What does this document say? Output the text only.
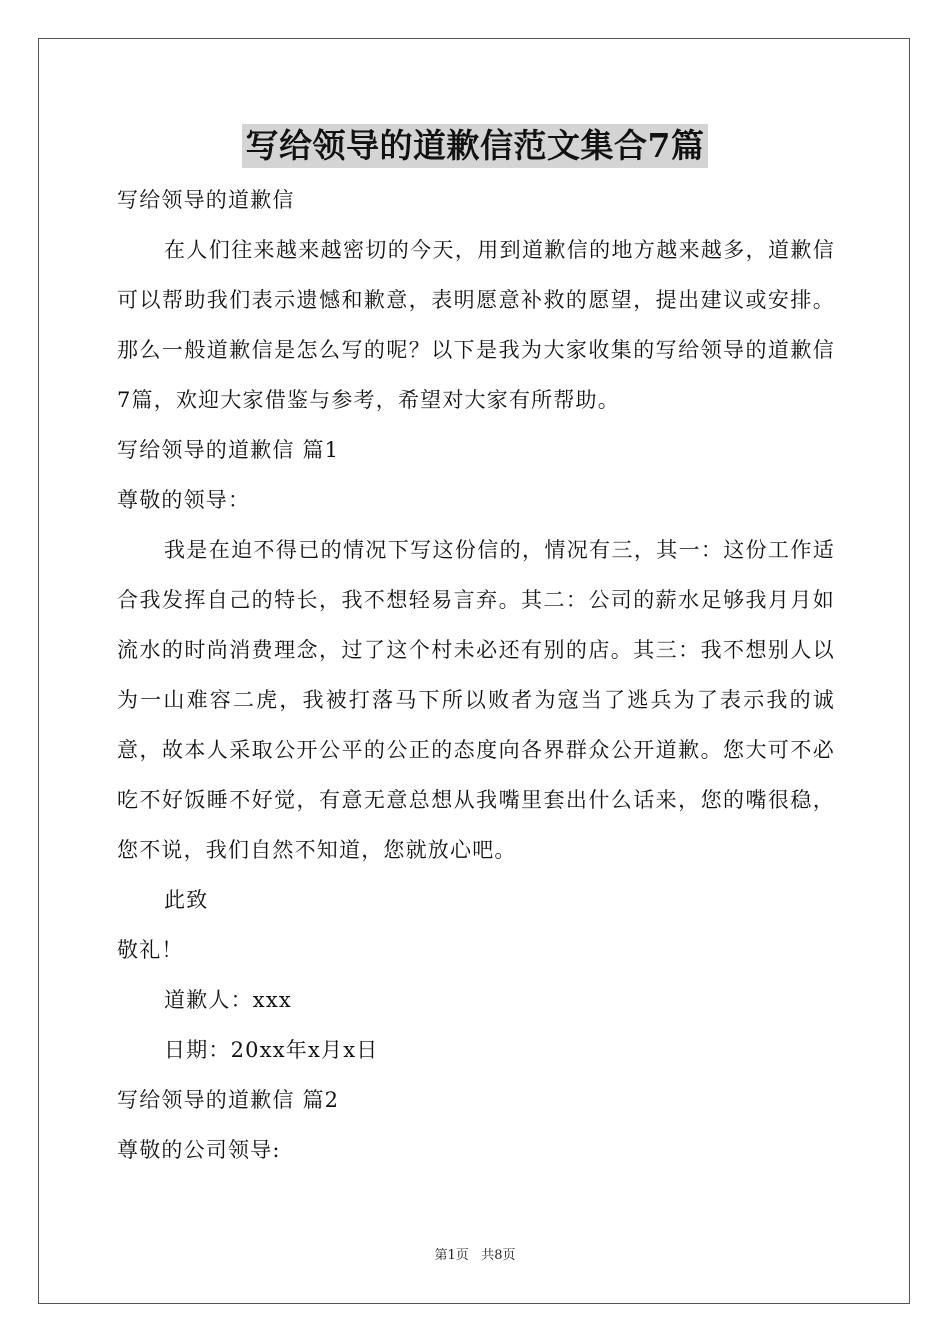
写给领导的道歉信范文集合7篇

写给领导的道歉信

在人们往来越来越密切的今天，用到道歉信的地方越来越多，道歉信可以帮助我们表示遗憾和歉意，表明愿意补救的愿望，提出建议或安排。那么一般道歉信是怎么写的呢？以下是我为大家收集的写给领导的道歉信7篇，欢迎大家借鉴与参考，希望对大家有所帮助。

写给领导的道歉信 篇1

尊敬的领导：

我是在迫不得已的情况下写这份信的，情况有三，其一：这份工作适合我发挥自己的特长，我不想轻易言弃。其二：公司的薪水足够我月月如流水的时尚消费理念，过了这个村未必还有别的店。其三：我不想别人以为一山难容二虎，我被打落马下所以败者为寇当了逃兵为了表示我的诚意，故本人采取公开公平的公正的态度向各界群众公开道歉。您大可不必吃不好饭睡不好觉，有意无意总想从我嘴里套出什么话来，您的嘴很稳，您不说，我们自然不知道，您就放心吧。

此致

敬礼！

道歉人：xxx

日期：20xx年x月x日

写给领导的道歉信 篇2

尊敬的公司领导:

第1页 共8页
